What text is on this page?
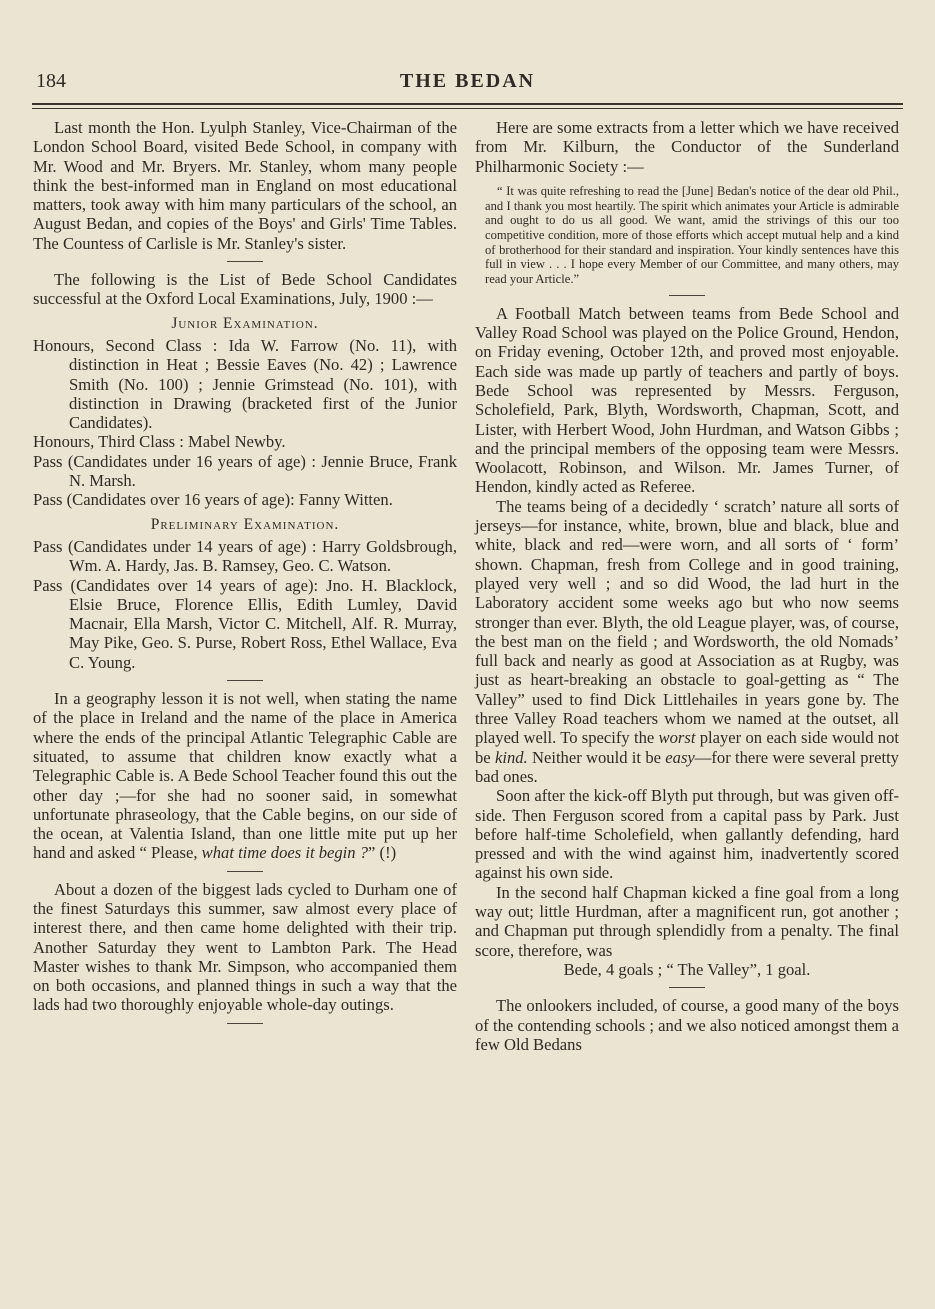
184	THE BEDAN

Last month the Hon. Lyulph Stanley, Vice-Chairman of the London School Board, visited Bede School, in company with Mr. Wood and Mr. Bryers. Mr. Stanley, whom many people think the best-informed man in England on most educational matters, took away with him many particulars of the school, an August Bedan, and copies of the Boys' and Girls' Time Tables. The Countess of Carlisle is Mr. Stanley's sister.

The following is the List of Bede School Candidates successful at the Oxford Local Examinations, July, 1900 :—

Junior Examination.

Honours, Second Class : Ida W. Farrow (No. 11), with distinction in Heat ; Bessie Eaves (No. 42) ; Lawrence Smith (No. 100) ; Jennie Grimstead (No. 101), with distinction in Drawing (bracketed first of the Junior Candidates).

Honours, Third Class : Mabel Newby.

Pass (Candidates under 16 years of age) : Jennie Bruce, Frank N. Marsh.

Pass (Candidates over 16 years of age): Fanny Witten.

Preliminary Examination.

Pass (Candidates under 14 years of age) : Harry Goldsbrough, Wm. A. Hardy, Jas. B. Ramsey, Geo. C. Watson.

Pass (Candidates over 14 years of age): Jno. H. Blacklock, Elsie Bruce, Florence Ellis, Edith Lumley, David Macnair, Ella Marsh, Victor C. Mitchell, Alf. R. Murray, May Pike, Geo. S. Purse, Robert Ross, Ethel Wallace, Eva C. Young.

In a geography lesson it is not well, when stating the name of the place in Ireland and the name of the place in America where the ends of the principal Atlantic Telegraphic Cable are situated, to assume that children know exactly what a Telegraphic Cable is. A Bede School Teacher found this out the other day ;—for she had no sooner said, in somewhat unfortunate phraseology, that the Cable begins, on our side of the ocean, at Valentia Island, than one little mite put up her hand and asked “ Please, what time does it begin ?” (!)

About a dozen of the biggest lads cycled to Durham one of the finest Saturdays this summer, saw almost every place of interest there, and then came home delighted with their trip. Another Saturday they went to Lambton Park. The Head Master wishes to thank Mr. Simpson, who accompanied them on both occasions, and planned things in such a way that the lads had two thoroughly enjoyable whole-day outings.

Here are some extracts from a letter which we have received from Mr. Kilburn, the Conductor of the Sunderland Philharmonic Society :—

“ It was quite refreshing to read the [June] Bedan's notice of the dear old Phil., and I thank you most heartily. The spirit which animates your Article is admirable and ought to do us all good. We want, amid the strivings of this our too competitive condition, more of those efforts which accept mutual help and a kind of brotherhood for their standard and inspiration. Your kindly sentences have this full in view . . . I hope every Member of our Committee, and many others, may read your Article.”

A Football Match between teams from Bede School and Valley Road School was played on the Police Ground, Hendon, on Friday evening, October 12th, and proved most enjoyable. Each side was made up partly of teachers and partly of boys. Bede School was represented by Messrs. Ferguson, Scholefield, Park, Blyth, Wordsworth, Chapman, Scott, and Lister, with Herbert Wood, John Hurdman, and Watson Gibbs ; and the principal members of the opposing team were Messrs. Woolacott, Robinson, and Wilson. Mr. James Turner, of Hendon, kindly acted as Referee.

The teams being of a decidedly ‘ scratch’ nature all sorts of jerseys—for instance, white, brown, blue and black, blue and white, black and red—were worn, and all sorts of ‘ form’ shown. Chapman, fresh from College and in good training, played very well ; and so did Wood, the lad hurt in the Laboratory accident some weeks ago but who now seems stronger than ever. Blyth, the old League player, was, of course, the best man on the field ; and Wordsworth, the old Nomads’ full back and nearly as good at Association as at Rugby, was just as heart-breaking an obstacle to goal-getting as “ The Valley” used to find Dick Littlehailes in years gone by. The three Valley Road teachers whom we named at the outset, all played well. To specify the worst player on each side would not be kind. Neither would it be easy—for there were several pretty bad ones.

Soon after the kick-off Blyth put through, but was given off-side. Then Ferguson scored from a capital pass by Park. Just before half-time Scholefield, when gallantly defending, hard pressed and with the wind against him, inadvertently scored against his own side.

In the second half Chapman kicked a fine goal from a long way out; little Hurdman, after a magnificent run, got another ; and Chapman put through splendidly from a penalty. The final score, therefore, was

Bede, 4 goals ; “ The Valley”, 1 goal.

The onlookers included, of course, a good many of the boys of the contending schools ; and we also noticed amongst them a few Old Bedans
